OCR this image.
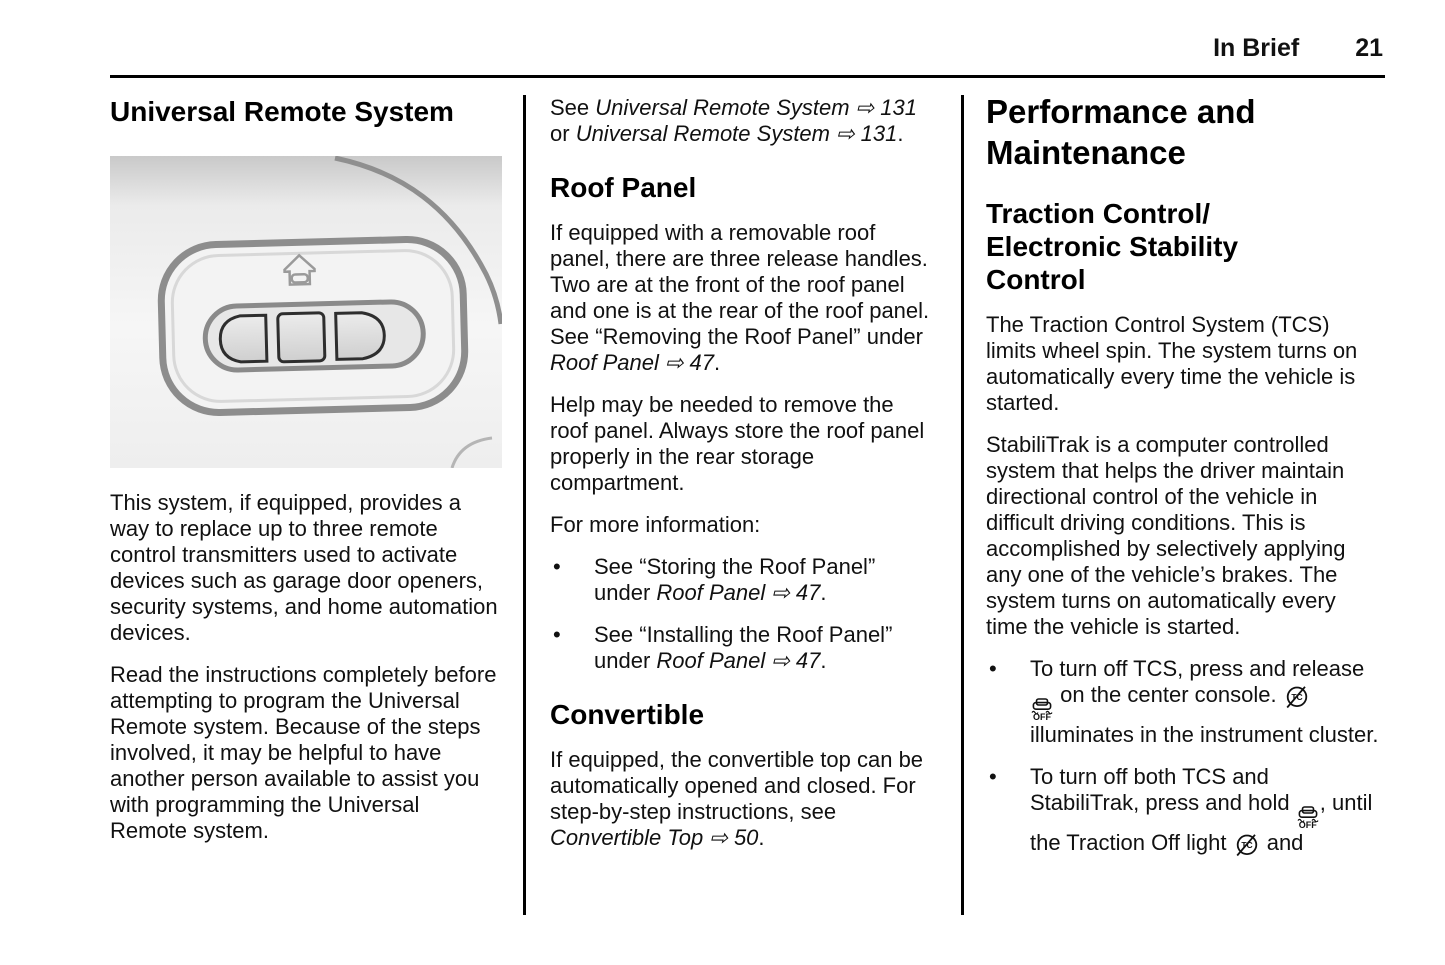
In Brief 21
Universal Remote System

This system, if equipped, provides a way to replace up to three remote control transmitters used to activate devices such as garage door openers, security systems, and home automation devices.

Read the instructions completely before attempting to program the Universal Remote system. Because of the steps involved, it may be helpful to have another person available to assist you with programming the Universal Remote system.

See Universal Remote System ⇨ 131 or Universal Remote System ⇨ 131.

Roof Panel

If equipped with a removable roof panel, there are three release handles. Two are at the front of the roof panel and one is at the rear of the roof panel. See “Removing the Roof Panel” under Roof Panel ⇨ 47.

Help may be needed to remove the roof panel. Always store the roof panel properly in the rear storage compartment.

For more information:

•
See “Storing the Roof Panel” under Roof Panel ⇨ 47.
•
See “Installing the Roof Panel” under Roof Panel ⇨ 47.
Convertible

If equipped, the convertible top can be automatically opened and closed. For step-by-step instructions, see Convertible Top ⇨ 50.

Performance and Maintenance
Traction Control/
Electronic Stability
Control

The Traction Control System (TCS) limits wheel spin. The system turns on automatically every time the vehicle is started.

StabiliTrak is a computer controlled system that helps the driver maintain directional control of the vehicle in difficult driving conditions. This is accomplished by selectively applying any one of the vehicle’s brakes. The system turns on automatically every time the vehicle is started.

•
To turn off TCS, press and release
OFF
on the center console. TC
illuminates in the instrument cluster.
•
To turn off both TCS and StabiliTrak, press and hold
OFF
, until the Traction Off light TC and
